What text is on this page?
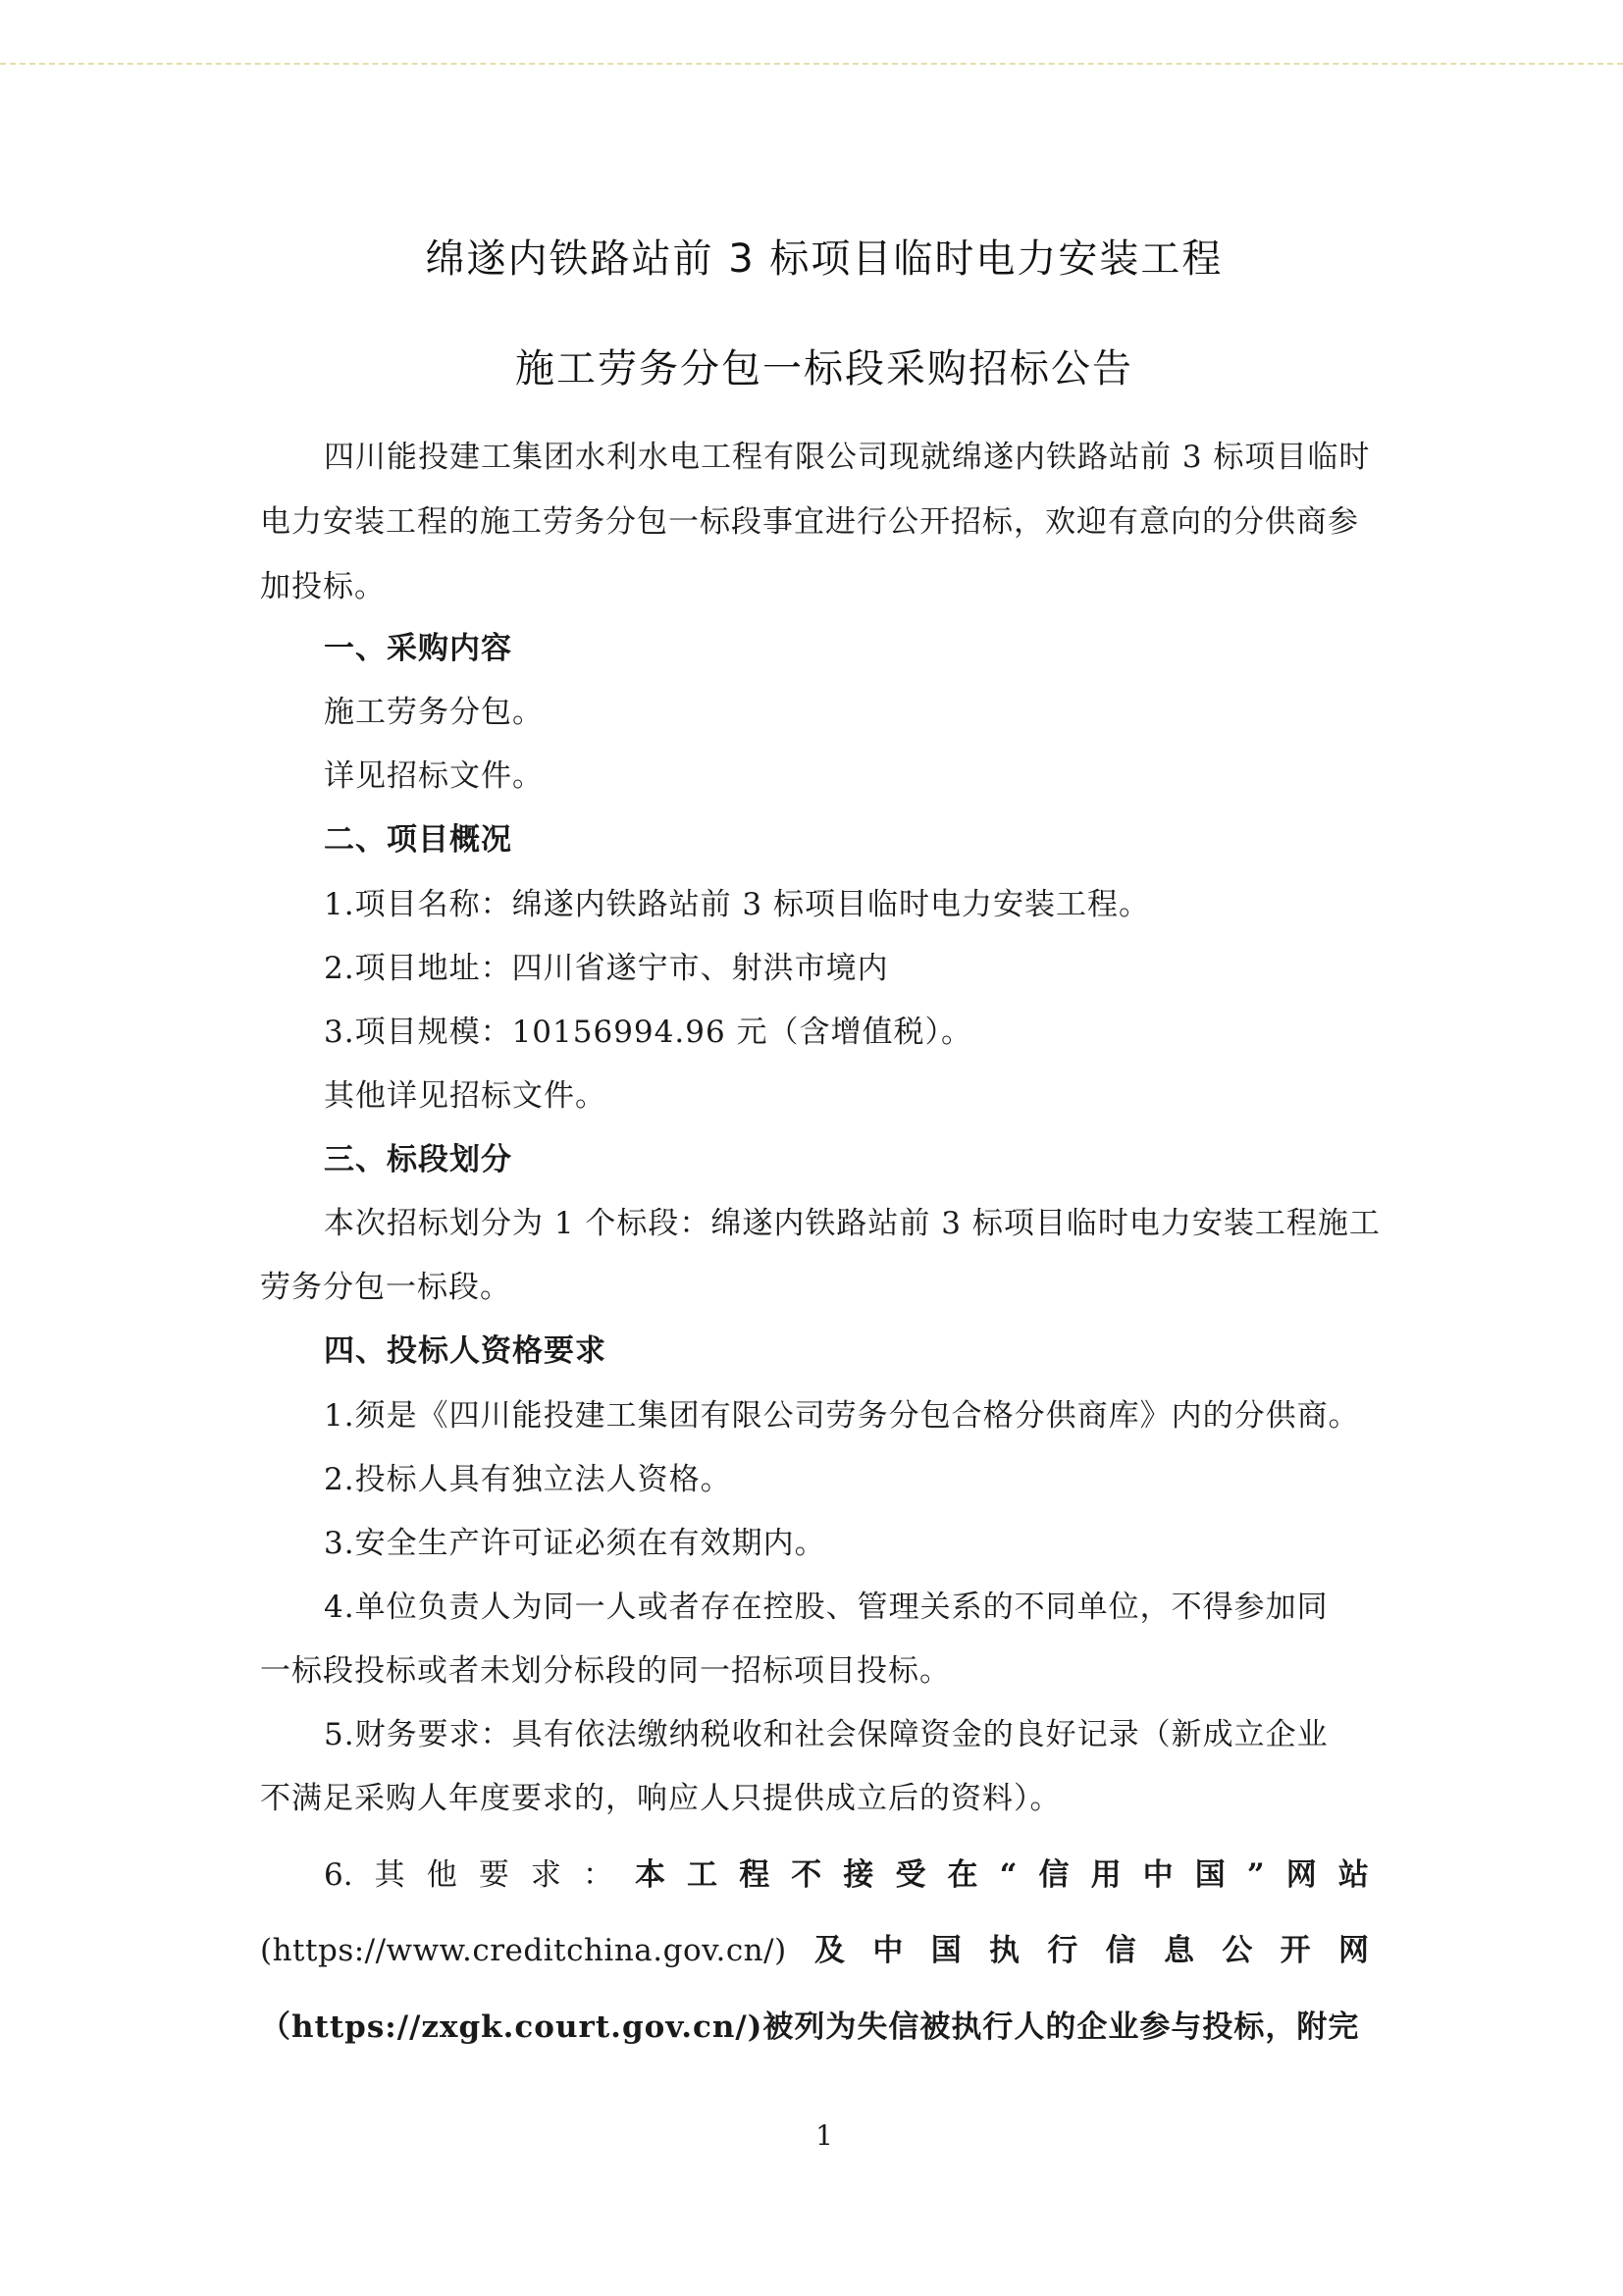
绵遂内铁路站前 3 标项目临时电力安装工程
施工劳务分包一标段采购招标公告
四川能投建工集团水利水电工程有限公司现就绵遂内铁路站前 3 标项目临时
电力安装工程的施工劳务分包一标段事宜进行公开招标，欢迎有意向的分供商参
加投标。
一、采购内容
施工劳务分包。
详见招标文件。
二、项目概况
1.项目名称：绵遂内铁路站前 3 标项目临时电力安装工程。
2.项目地址：四川省遂宁市、射洪市境内
3.项目规模：10156994.96 元（含增值税）。
其他详见招标文件。
三、标段划分
本次招标划分为 1 个标段：绵遂内铁路站前 3 标项目临时电力安装工程施工
劳务分包一标段。
四、投标人资格要求
1.须是《四川能投建工集团有限公司劳务分包合格分供商库》内的分供商。
2.投标人具有独立法人资格。
3.安全生产许可证必须在有效期内。
4.单位负责人为同一人或者存在控股、管理关系的不同单位，不得参加同
一标段投标或者未划分标段的同一招标项目投标。
5.财务要求：具有依法缴纳税收和社会保障资金的良好记录（新成立企业
不满足采购人年度要求的，响应人只提供成立后的资料）。
6. 其 他 要 求 ： 本 工 程 不 接 受 在 “ 信 用 中 国 ” 网 站
(https://www.creditchina.gov.cn/) 及 中 国 执 行 信 息 公 开 网
（https://zxgk.court.gov.cn/)被列为失信被执行人的企业参与投标，附完
1
